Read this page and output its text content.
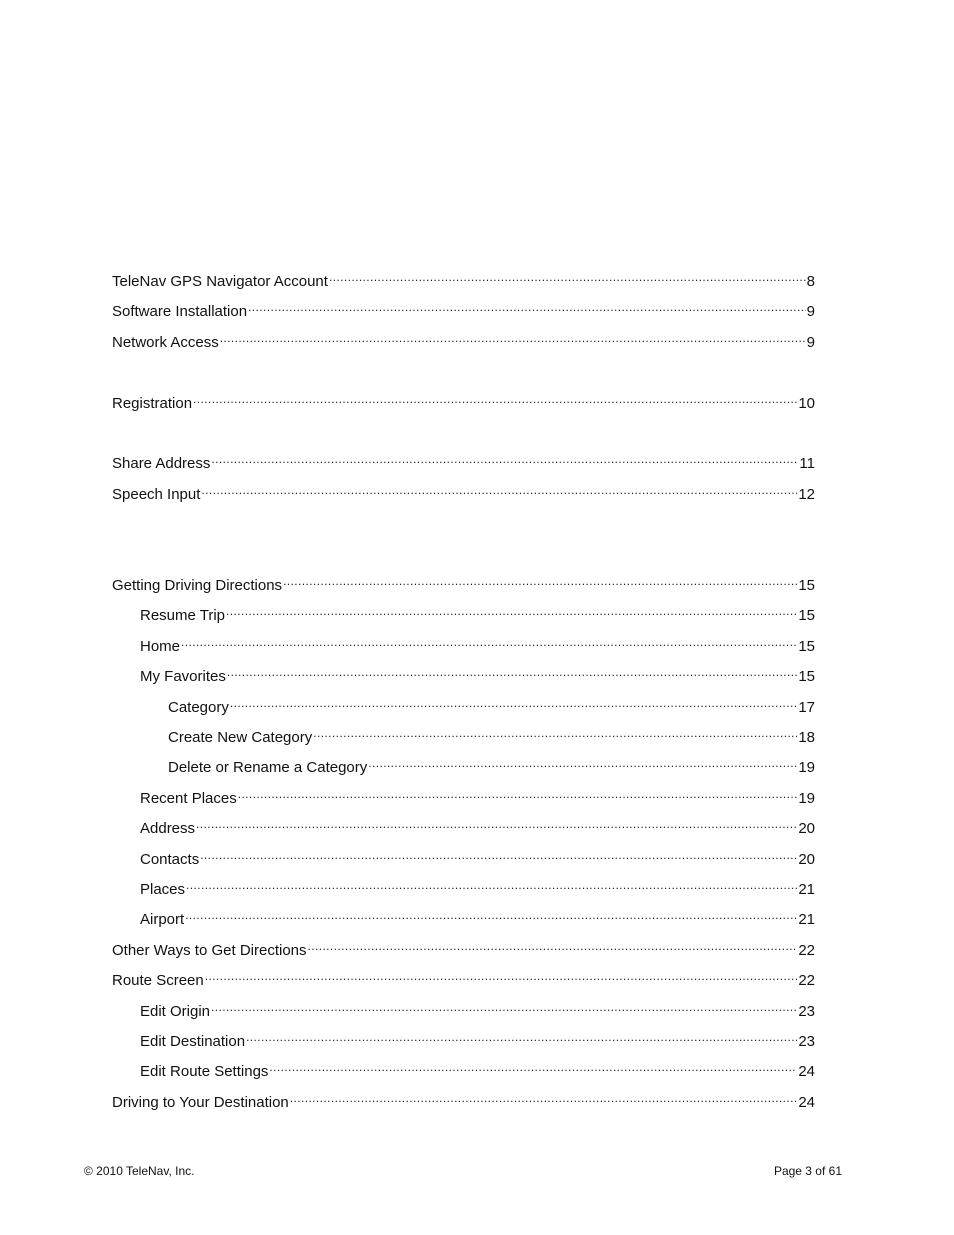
TeleNav GPS Navigator Account .....	8
Software Installation .....	9
Network Access .....	9
Registration .....	10
Share Address .....	11
Speech Input .....	12
Getting Driving Directions .....	15
Resume Trip .....	15
Home .....	15
My Favorites .....	15
Category .....	17
Create New Category .....	18
Delete or Rename a Category .....	19
Recent Places .....	19
Address .....	20
Contacts .....	20
Places .....	21
Airport .....	21
Other Ways to Get Directions .....	22
Route Screen .....	22
Edit Origin .....	23
Edit Destination .....	23
Edit Route Settings .....	24
Driving to Your Destination .....	24
© 2010 TeleNav, Inc.	Page 3 of 61
